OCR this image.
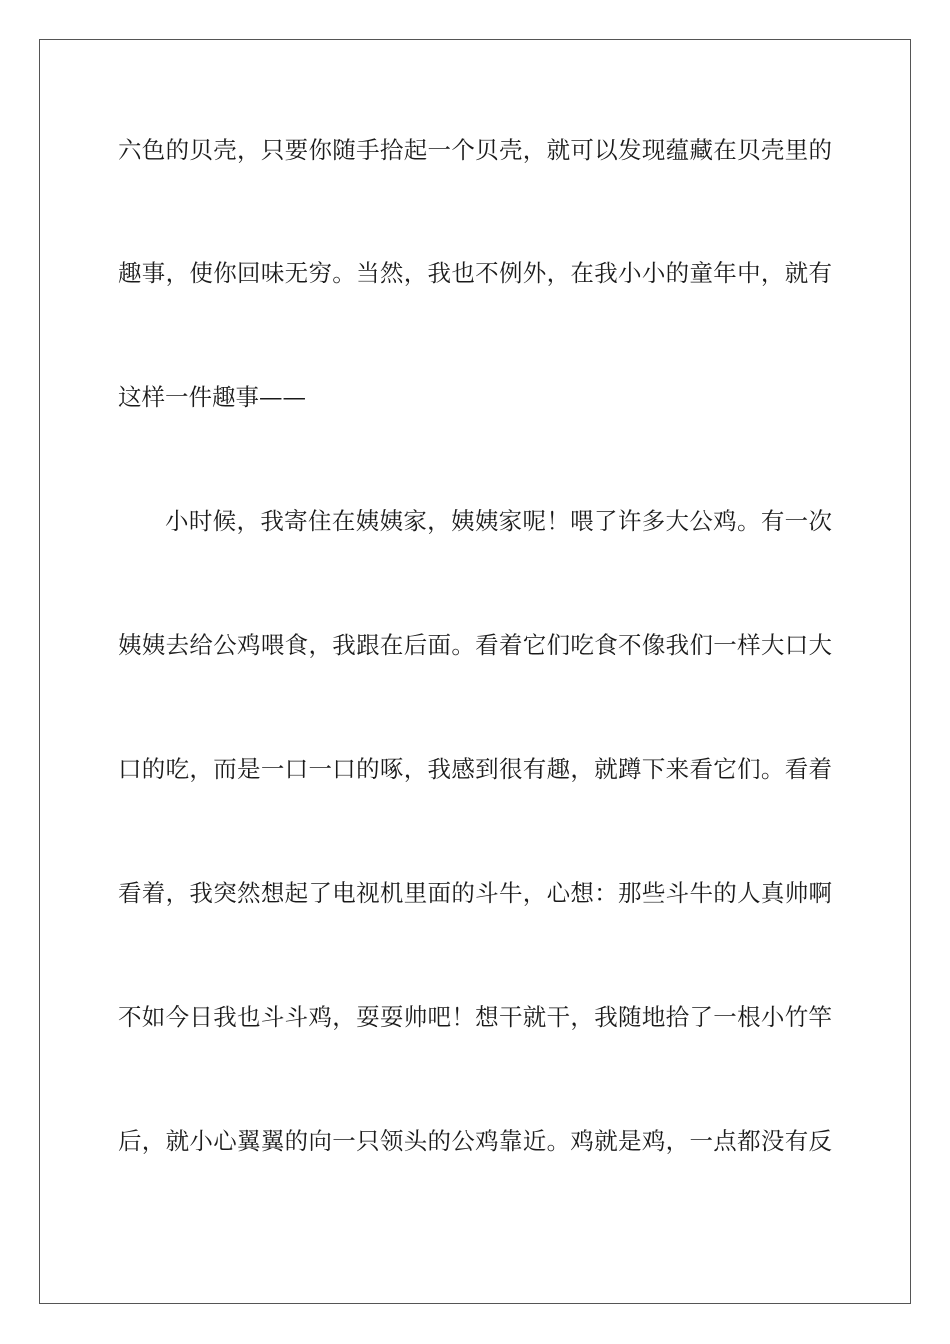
六色的贝壳，只要你随手拾起一个贝壳，就可以发现蕴藏在贝壳里的
趣事，使你回味无穷。当然，我也不例外，在我小小的童年中，就有
这样一件趣事——
小时候，我寄住在姨姨家，姨姨家呢！喂了许多大公鸡。有一次
姨姨去给公鸡喂食，我跟在后面。看着它们吃食不像我们一样大口大
口的吃，而是一口一口的啄，我感到很有趣，就蹲下来看它们。看着
看着，我突然想起了电视机里面的斗牛，心想：那些斗牛的人真帅啊
不如今日我也斗斗鸡，耍耍帅吧！想干就干，我随地拾了一根小竹竿
后，就小心翼翼的向一只领头的公鸡靠近。鸡就是鸡，一点都没有反
